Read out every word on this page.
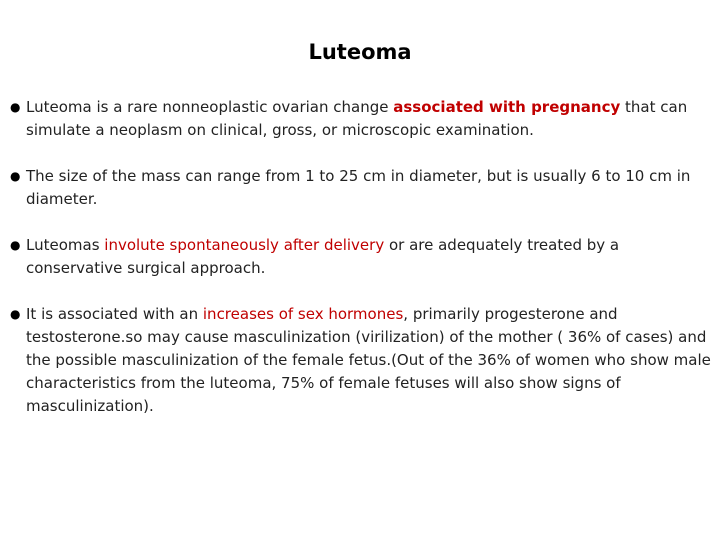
Luteoma
● Luteoma is a rare nonneoplastic ovarian change associated with pregnancy that can simulate a neoplasm on clinical, gross, or microscopic examination.
● The size of the mass can range from 1 to 25 cm in diameter, but is usually 6 to 10 cm in diameter.
● Luteomas involute spontaneously after delivery or are adequately treated by a conservative surgical approach.
● It is associated with an increases of sex hormones, primarily progesterone and testosterone.so may cause masculinization (virilization) of the mother ( 36% of cases) and the possible masculinization of the female fetus.(Out of the 36% of women who show male characteristics from the luteoma, 75% of female fetuses will also show signs of masculinization).
